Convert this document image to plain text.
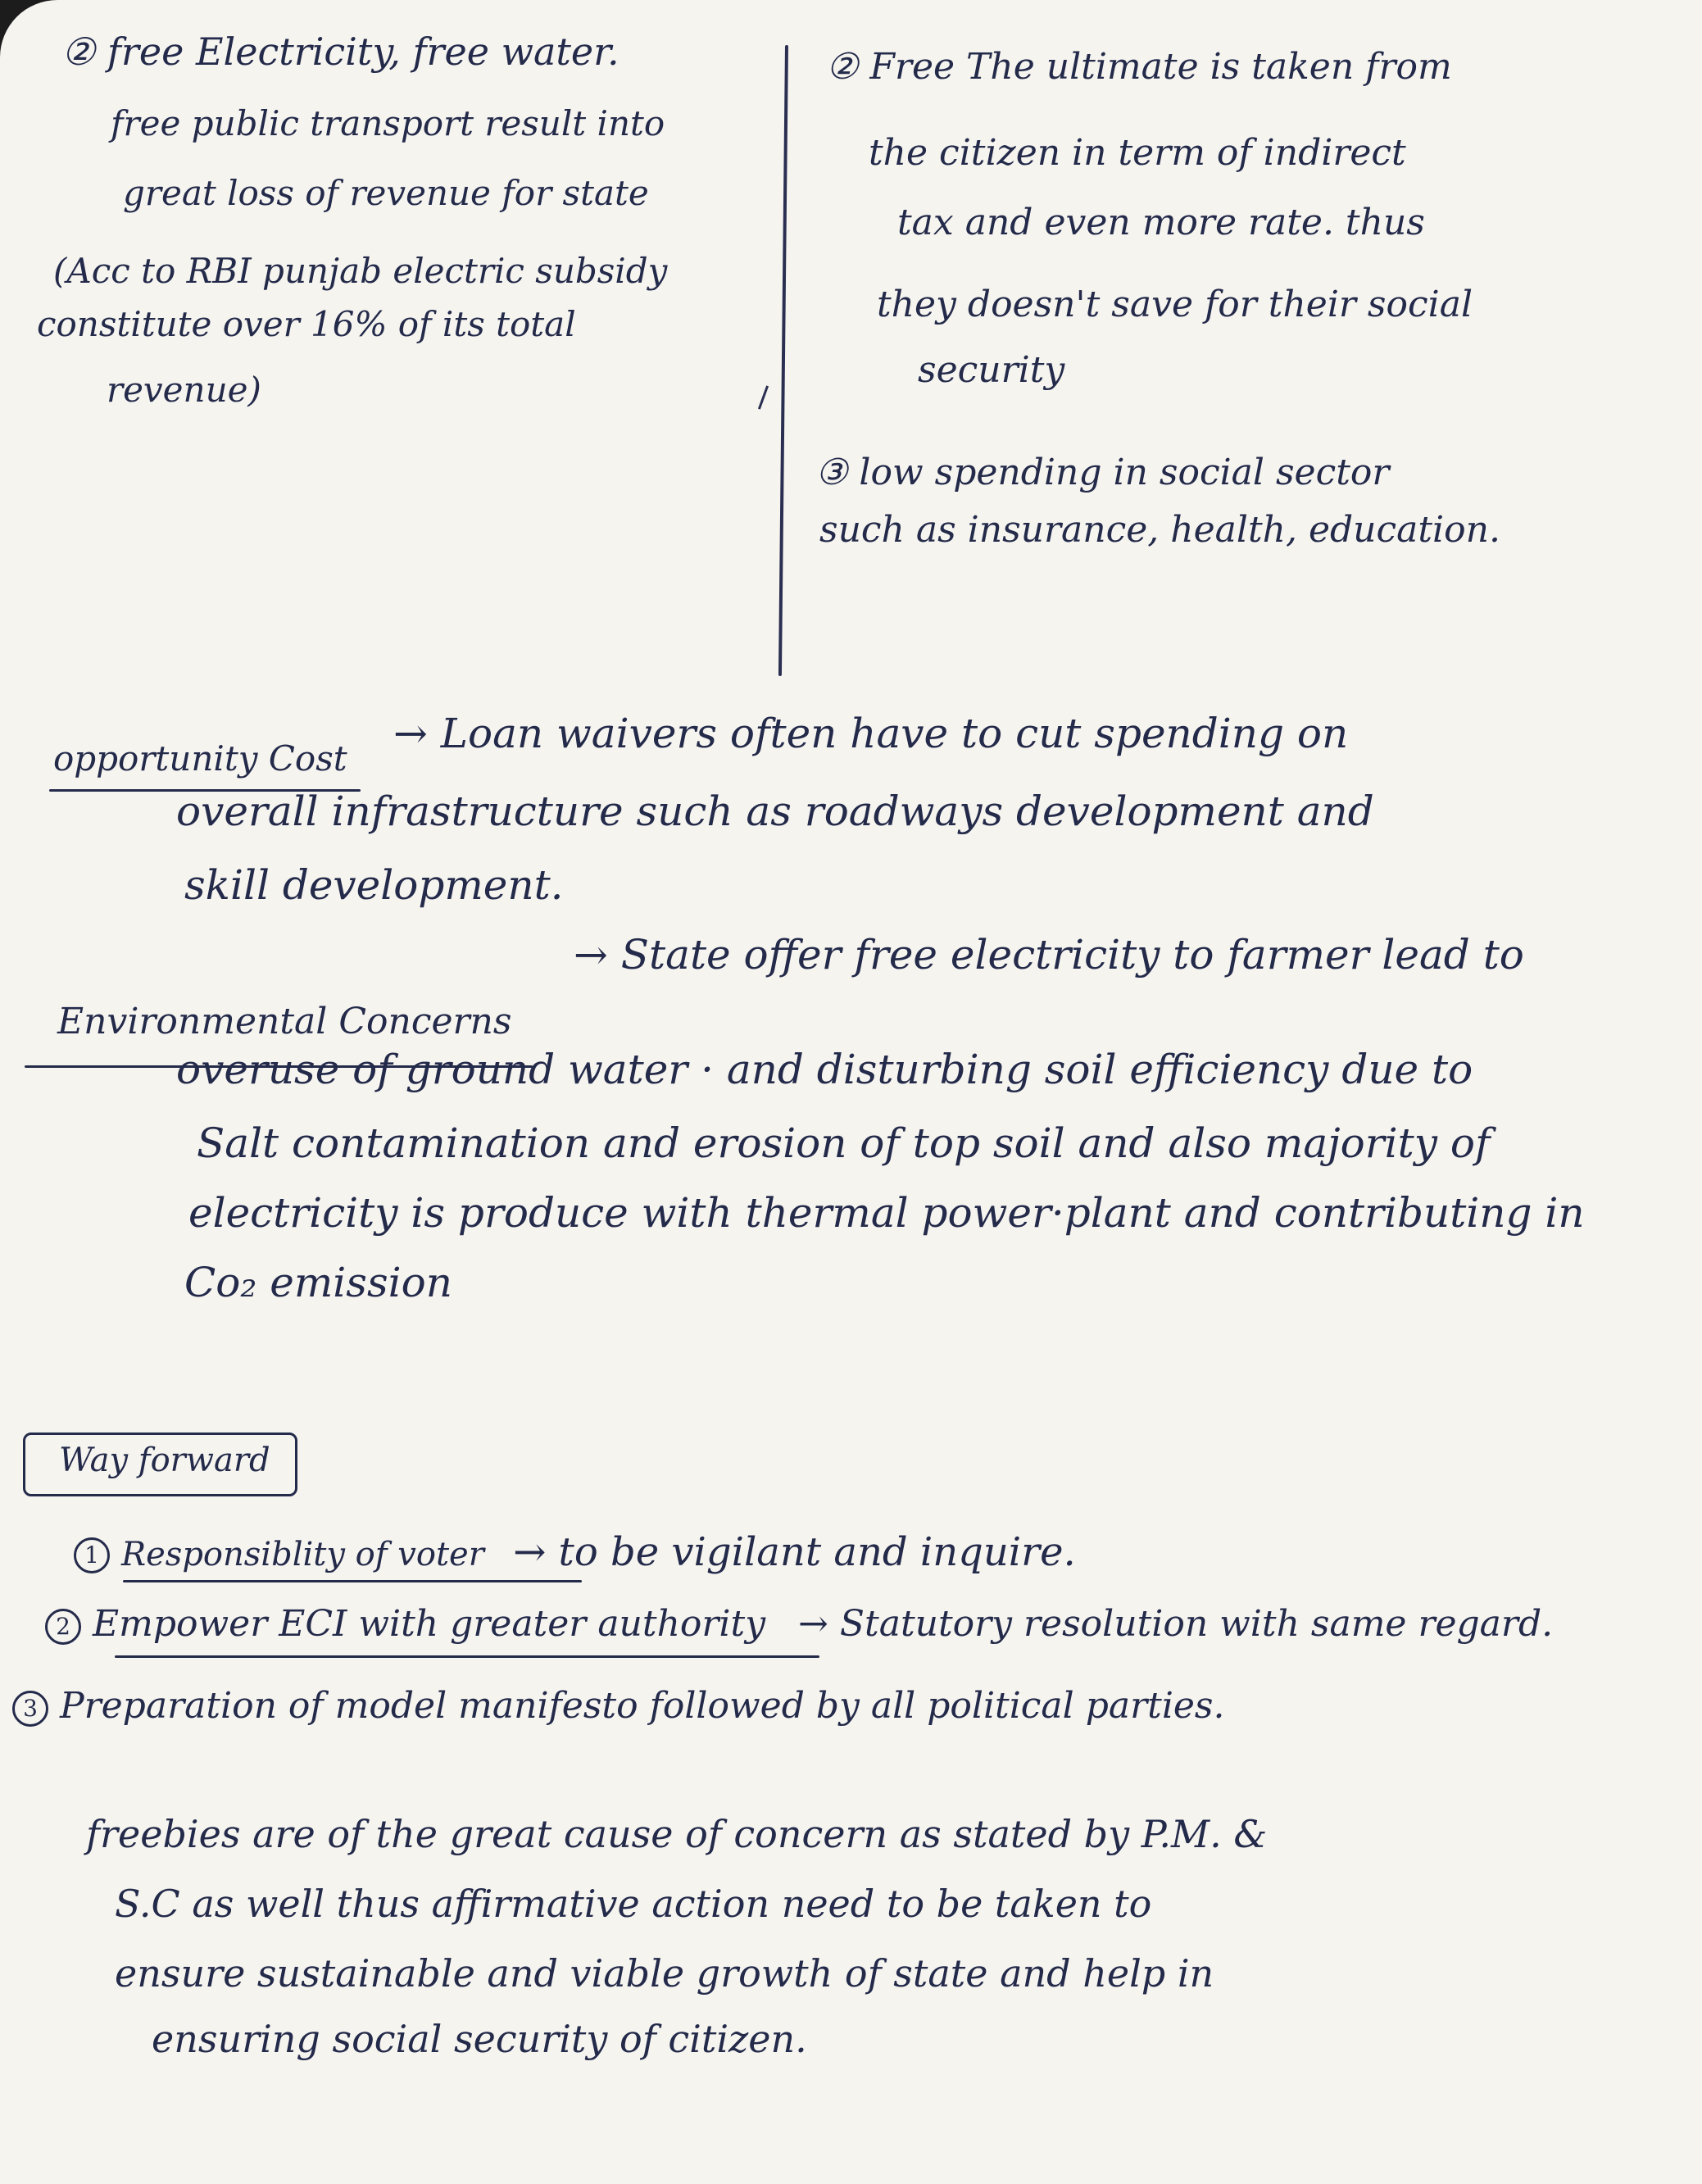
② free Electricity, free water.
free public transport result into
great loss of revenue for state
(Acc to RBI punjab electric subsidy
constitute over 16% of its total
revenue)
② Free The ultimate is taken from
the citizen in term of indirect
tax and even more rate. thus
they doesn't save for their social
security
③ low spending in social sector
such as insurance, health, education.
opportunity Cost
→ Loan waivers often have to cut spending on
overall infrastructure such as roadways development and
skill development.
Environmental Concerns
→ State offer free electricity to farmer lead to
overuse of ground water · and disturbing soil efficiency due to
Salt contamination and erosion of top soil and also majority of
electricity is produce with thermal power·plant and contributing in
Co₂ emission
Way forward
1 Responsiblity of voter → to be vigilant and inquire.
2 Empower ECI with greater authority → Statutory resolution with same regard.
3 Preparation of model manifesto followed by all political parties.
freebies are of the great cause of concern as stated by P.M. &
S.C as well thus affirmative action need to be taken to
ensure sustainable and viable growth of state and help in
ensuring social security of citizen.
